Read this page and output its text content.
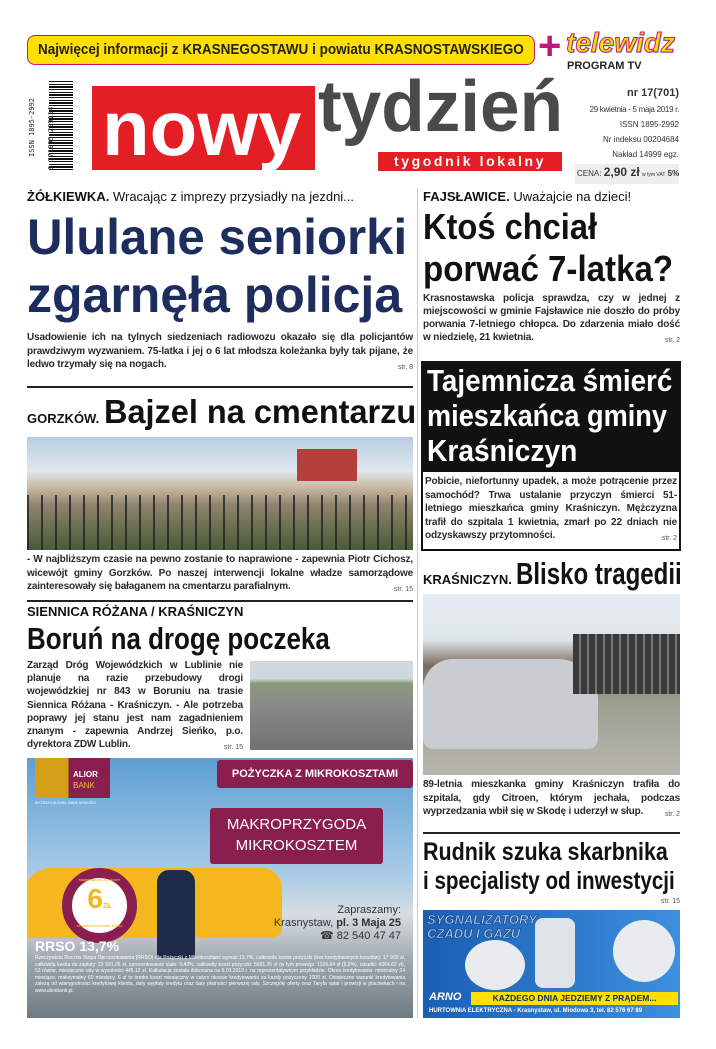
Najwięcej informacji z KRASNEGOSTAWU i powiatu KRASNOSTAWSKIEGO + telewidz
PROGRAM TV
ISSN 1895-2992 9 771895 299114 nowy tydzień
tygodnik lokalny
nr 17(701)
29 kwietnia - 5 maja 2019 r.
ISSN 1895-2992
Nr indeksu 00204684
Nakład 14999 egz.
CENA: 2,90 zł w tym VAT 5%
ŻÓŁKIEWKA. Wracając z imprezy przysiadły na jezdni...
Ululane seniorki
zgarnęła policja
Usadowienie ich na tylnych siedzeniach radiowozu okazało się dla policjantów prawdziwym wyzwaniem. 75-latka i jej o 6 lat młodsza koleżanka były tak pijane, że ledwo trzymały się na nogach.	str. 8
GORZKÓW. Bajzel na cmentarzu
- W najbliższym czasie na pewno zostanie to naprawione - zapewnia Piotr Cichosz, wicewójt gminy Gorzków. Po naszej interwencji lokalne władze samorządowe zainteresowały się bałaganem na cmentarzu parafialnym.	str. 15
SIENNICA RÓŻANA / KRAŚNICZYN
Boruń na drogę poczeka
Zarząd Dróg Wojewódzkich w Lublinie nie planuje na razie przebudowy drogi wojewódzkiej nr 843 w Boruniu na trasie Siennica Różana - Kraśniczyn. - Ale potrzeba poprawy jej stanu jest nam zagadnieniem znanym - zapewnia Andrzej Sieńko, p.o. dyrektora ZDW Lublin.	str. 15
ALIOR
BANK
WYŻSZA KULTURA. BANK NOWOŚCI.
POŻYCZKA Z MIKROKOSZTAMI
MAKROPRZYGODA
MIKROKOSZTEM
ŚREDNI MIESIĘCZNY KOSZT
6ZŁ
ZA KAŻDY POŻYCZONY TYSIĄC
Zapraszamy:
Krasnystaw, pl. 3 Maja 25
☎ 82 540 47 47
RRSO 13,7%
Rzeczywista Roczna Stopa Oprocentowania (RRSO) dla Pożyczki z Mikrokosztami wynosi 13,7%, całkowita kwota pożyczki (bez kredytowanych kosztów): 17 900 zł, całkowita kwota do zapłaty: 23 591,26 zł, oprocentowanie stałe: 9,43%, całkowity koszt pożyczki: 5691,26 zł (w tym prowizja: 1326,64 zł (6,9%), odsetki: 4364,62 zł), 53 równe, miesięczne raty w wysokości 445,12 zł. Kalkulacja została dokonana na 6.03.2019 r. na reprezentatywnym przykładzie. Okres kredytowania: minimalny 24 miesiące, maksymalny 60 miesięcy. 6 zł to średni koszt miesięczny w całym okresie kredytowania za każdy pożyczony 1000 zł. Ostateczne warunki kredytowania zależą od wiarygodności kredytowej klienta, daty wypłaty kredytu oraz daty płatności pierwszej raty. Szczegóły oferty oraz Taryfa opłat i prowizji w placówkach i na www.aliorbank.pl.
FAJSŁAWICE. Uważajcie na dzieci!
Ktoś chciał
porwać 7-latka?
Krasnostawska policja sprawdza, czy w jednej z miejscowości w gminie Fajsławice nie doszło do próby porwania 7-letniego chłopca. Do zdarzenia miało dość w niedzielę, 21 kwietnia.	str. 2
Tajemnicza śmierć
mieszkańca gminy
Kraśniczyn
Pobicie, niefortunny upadek, a może potrącenie przez samochód? Trwa ustalanie przyczyn śmierci 51-letniego mieszkańca gminy Kraśniczyn. Mężczyzna trafił do szpitala 1 kwietnia, zmarł po 22 dniach nie odzyskawszy przytomności.	str. 2
KRAŚNICZYN. Blisko tragedii
89-letnia mieszkanka gminy Kraśniczyn trafiła do szpitala, gdy Citroen, którym jechała, podczas wyprzedzania wbił się w Skodę i uderzył w słup.	str. 2
Rudnik szuka skarbnika
i specjalisty od inwestycji
str. 15
SYGNALIZATORY
CZADU I GAZU
ARNO	KAŻDEGO DNIA JEDZIEMY Z PRĄDEM...
HURTOWNIA ELEKTRYCZNA - Krasnystaw, ul. Miodowa 3, tel. 82 576 67 89
